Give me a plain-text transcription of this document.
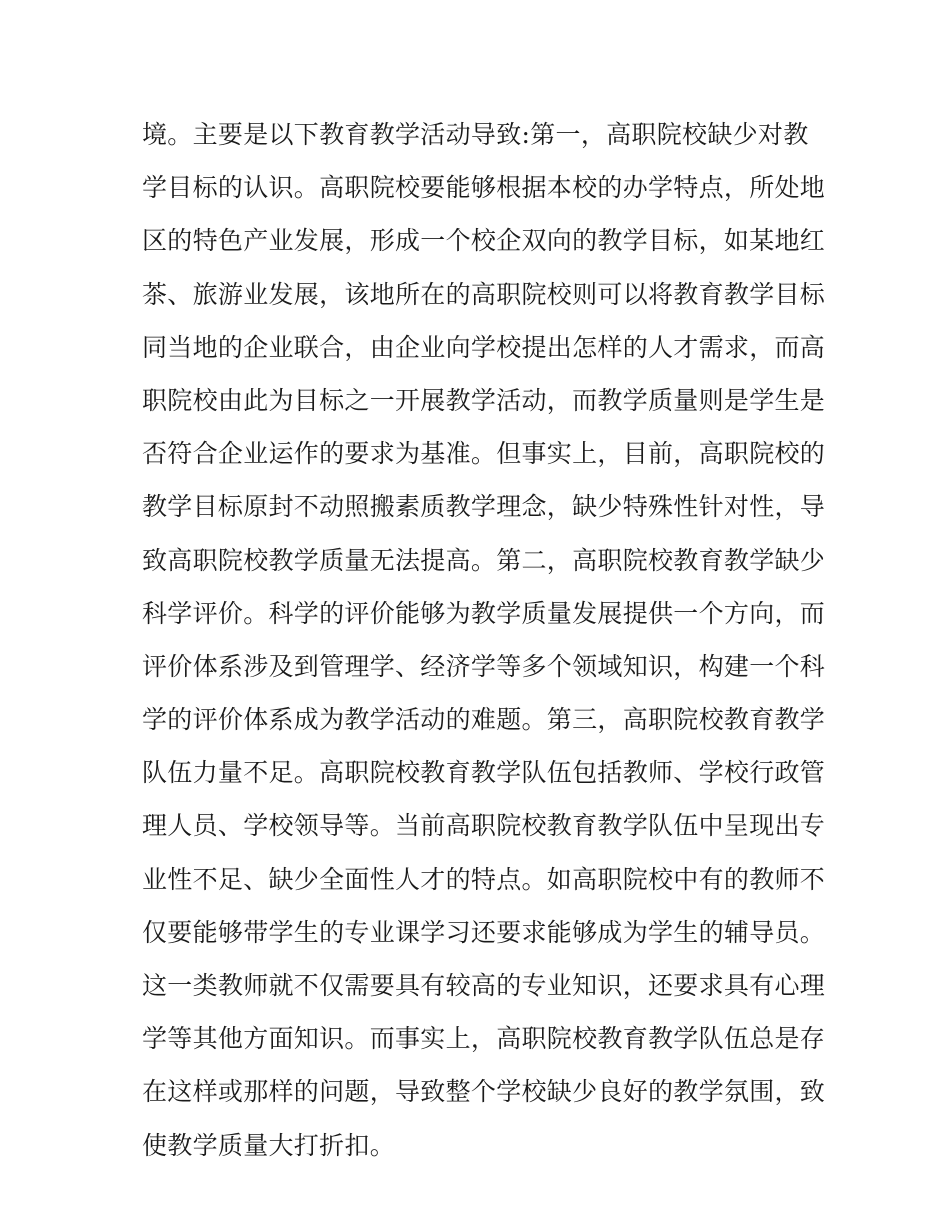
境。主要是以下教育教学活动导致:第一，高职院校缺少对教
学目标的认识。高职院校要能够根据本校的办学特点，所处地
区的特色产业发展，形成一个校企双向的教学目标，如某地红
茶、旅游业发展，该地所在的高职院校则可以将教育教学目标
同当地的企业联合，由企业向学校提出怎样的人才需求，而高
职院校由此为目标之一开展教学活动，而教学质量则是学生是
否符合企业运作的要求为基准。但事实上，目前，高职院校的
教学目标原封不动照搬素质教学理念，缺少特殊性针对性，导
致高职院校教学质量无法提高。第二，高职院校教育教学缺少
科学评价。科学的评价能够为教学质量发展提供一个方向，而
评价体系涉及到管理学、经济学等多个领域知识，构建一个科
学的评价体系成为教学活动的难题。第三，高职院校教育教学
队伍力量不足。高职院校教育教学队伍包括教师、学校行政管
理人员、学校领导等。当前高职院校教育教学队伍中呈现出专
业性不足、缺少全面性人才的特点。如高职院校中有的教师不
仅要能够带学生的专业课学习还要求能够成为学生的辅导员。
这一类教师就不仅需要具有较高的专业知识，还要求具有心理
学等其他方面知识。而事实上，高职院校教育教学队伍总是存
在这样或那样的问题，导致整个学校缺少良好的教学氛围，致
使教学质量大打折扣。
